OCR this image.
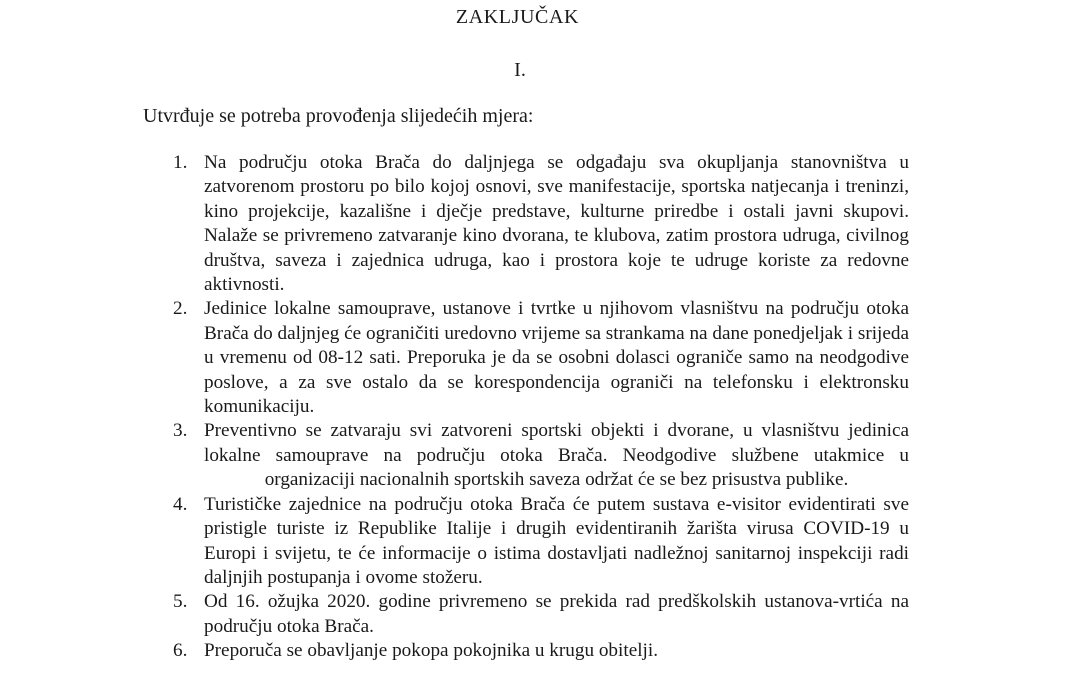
ZAKLJUČAK
I.
Utvrđuje se potreba provođenja slijedećih mjera:
1. Na području otoka Brača do daljnjega se odgađaju sva okupljanja stanovništva u zatvorenom prostoru po bilo kojoj osnovi, sve manifestacije, sportska natjecanja i treninzi, kino projekcije, kazališne i dječje predstave, kulturne priredbe i ostali javni skupovi. Nalaže se privremeno zatvaranje kino dvorana, te klubova, zatim prostora udruga, civilnog društva, saveza i zajednica udruga, kao i prostora koje te udruge koriste za redovne aktivnosti.
2. Jedinice lokalne samouprave, ustanove i tvrtke u njihovom vlasništvu na području otoka Brača do daljnjeg će ograničiti uredovno vrijeme sa strankama na dane ponedjeljak i srijeda u vremenu od 08-12 sati. Preporuka je da se osobni dolasci ograniče samo na neodgodive poslove, a za sve ostalo da se korespondencija ograniči na telefonsku i elektronsku komunikaciju.
3. Preventivno se zatvaraju svi zatvoreni sportski objekti i dvorane, u vlasništvu jedinica lokalne samouprave na području otoka Brača. Neodgodive službene utakmice u organizaciji nacionalnih sportskih saveza održat će se bez prisustva publike.
4. Turističke zajednice na području otoka Brača će putem sustava e-visitor evidentirati sve pristigle turiste iz Republike Italije i drugih evidentiranih žarišta virusa COVID-19 u Europi i svijetu, te će informacije o istima dostavljati nadležnoj sanitarnoj inspekciji radi daljnjih postupanja i ovome stožeru.
5. Od 16. ožujka 2020. godine privremeno se prekida rad predškolskih ustanova-vrtića na području otoka Brača.
6. Preporuča se obavljanje pokopa pokojnika u krugu obitelji.
